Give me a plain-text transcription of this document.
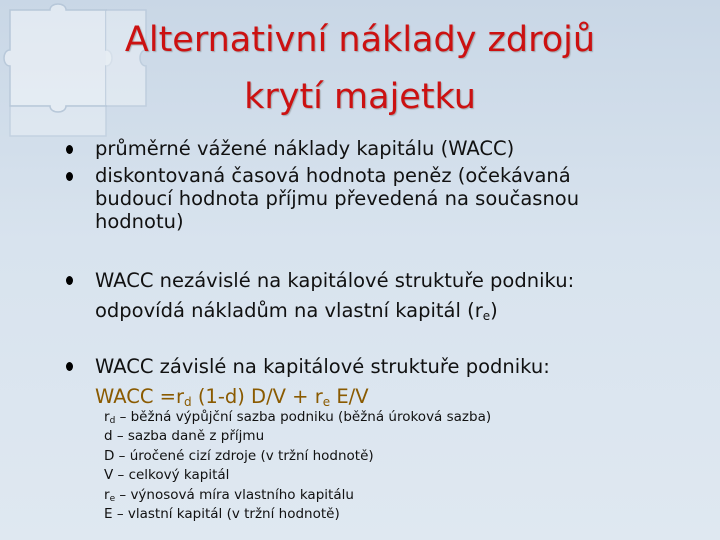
Alternativní náklady zdrojů
krytí majetku
průměrné vážené náklady kapitálu (WACC)
diskontovaná časová hodnota peněz (očekávaná
budoucí hodnota příjmu převedená na současnou
hodnotu)
WACC nezávislé na kapitálové struktuře podniku:
odpovídá nákladům na vlastní kapitál $(r_e)$
WACC závislé na kapitálové struktuře podniku:
WACC $=r_d$ (1-d) $D/V + r_e$ E/V
$r_d$ – běžná výpůjční sazba podniku (běžná úroková sazba)
d – sazba daně z příjmu
D – úročené cizí zdroje (v tržní hodnotě)
V – celkový kapitál
$r_e$ – výnosová míra vlastního kapitálu
E – vlastní kapitál (v tržní hodnotě)
